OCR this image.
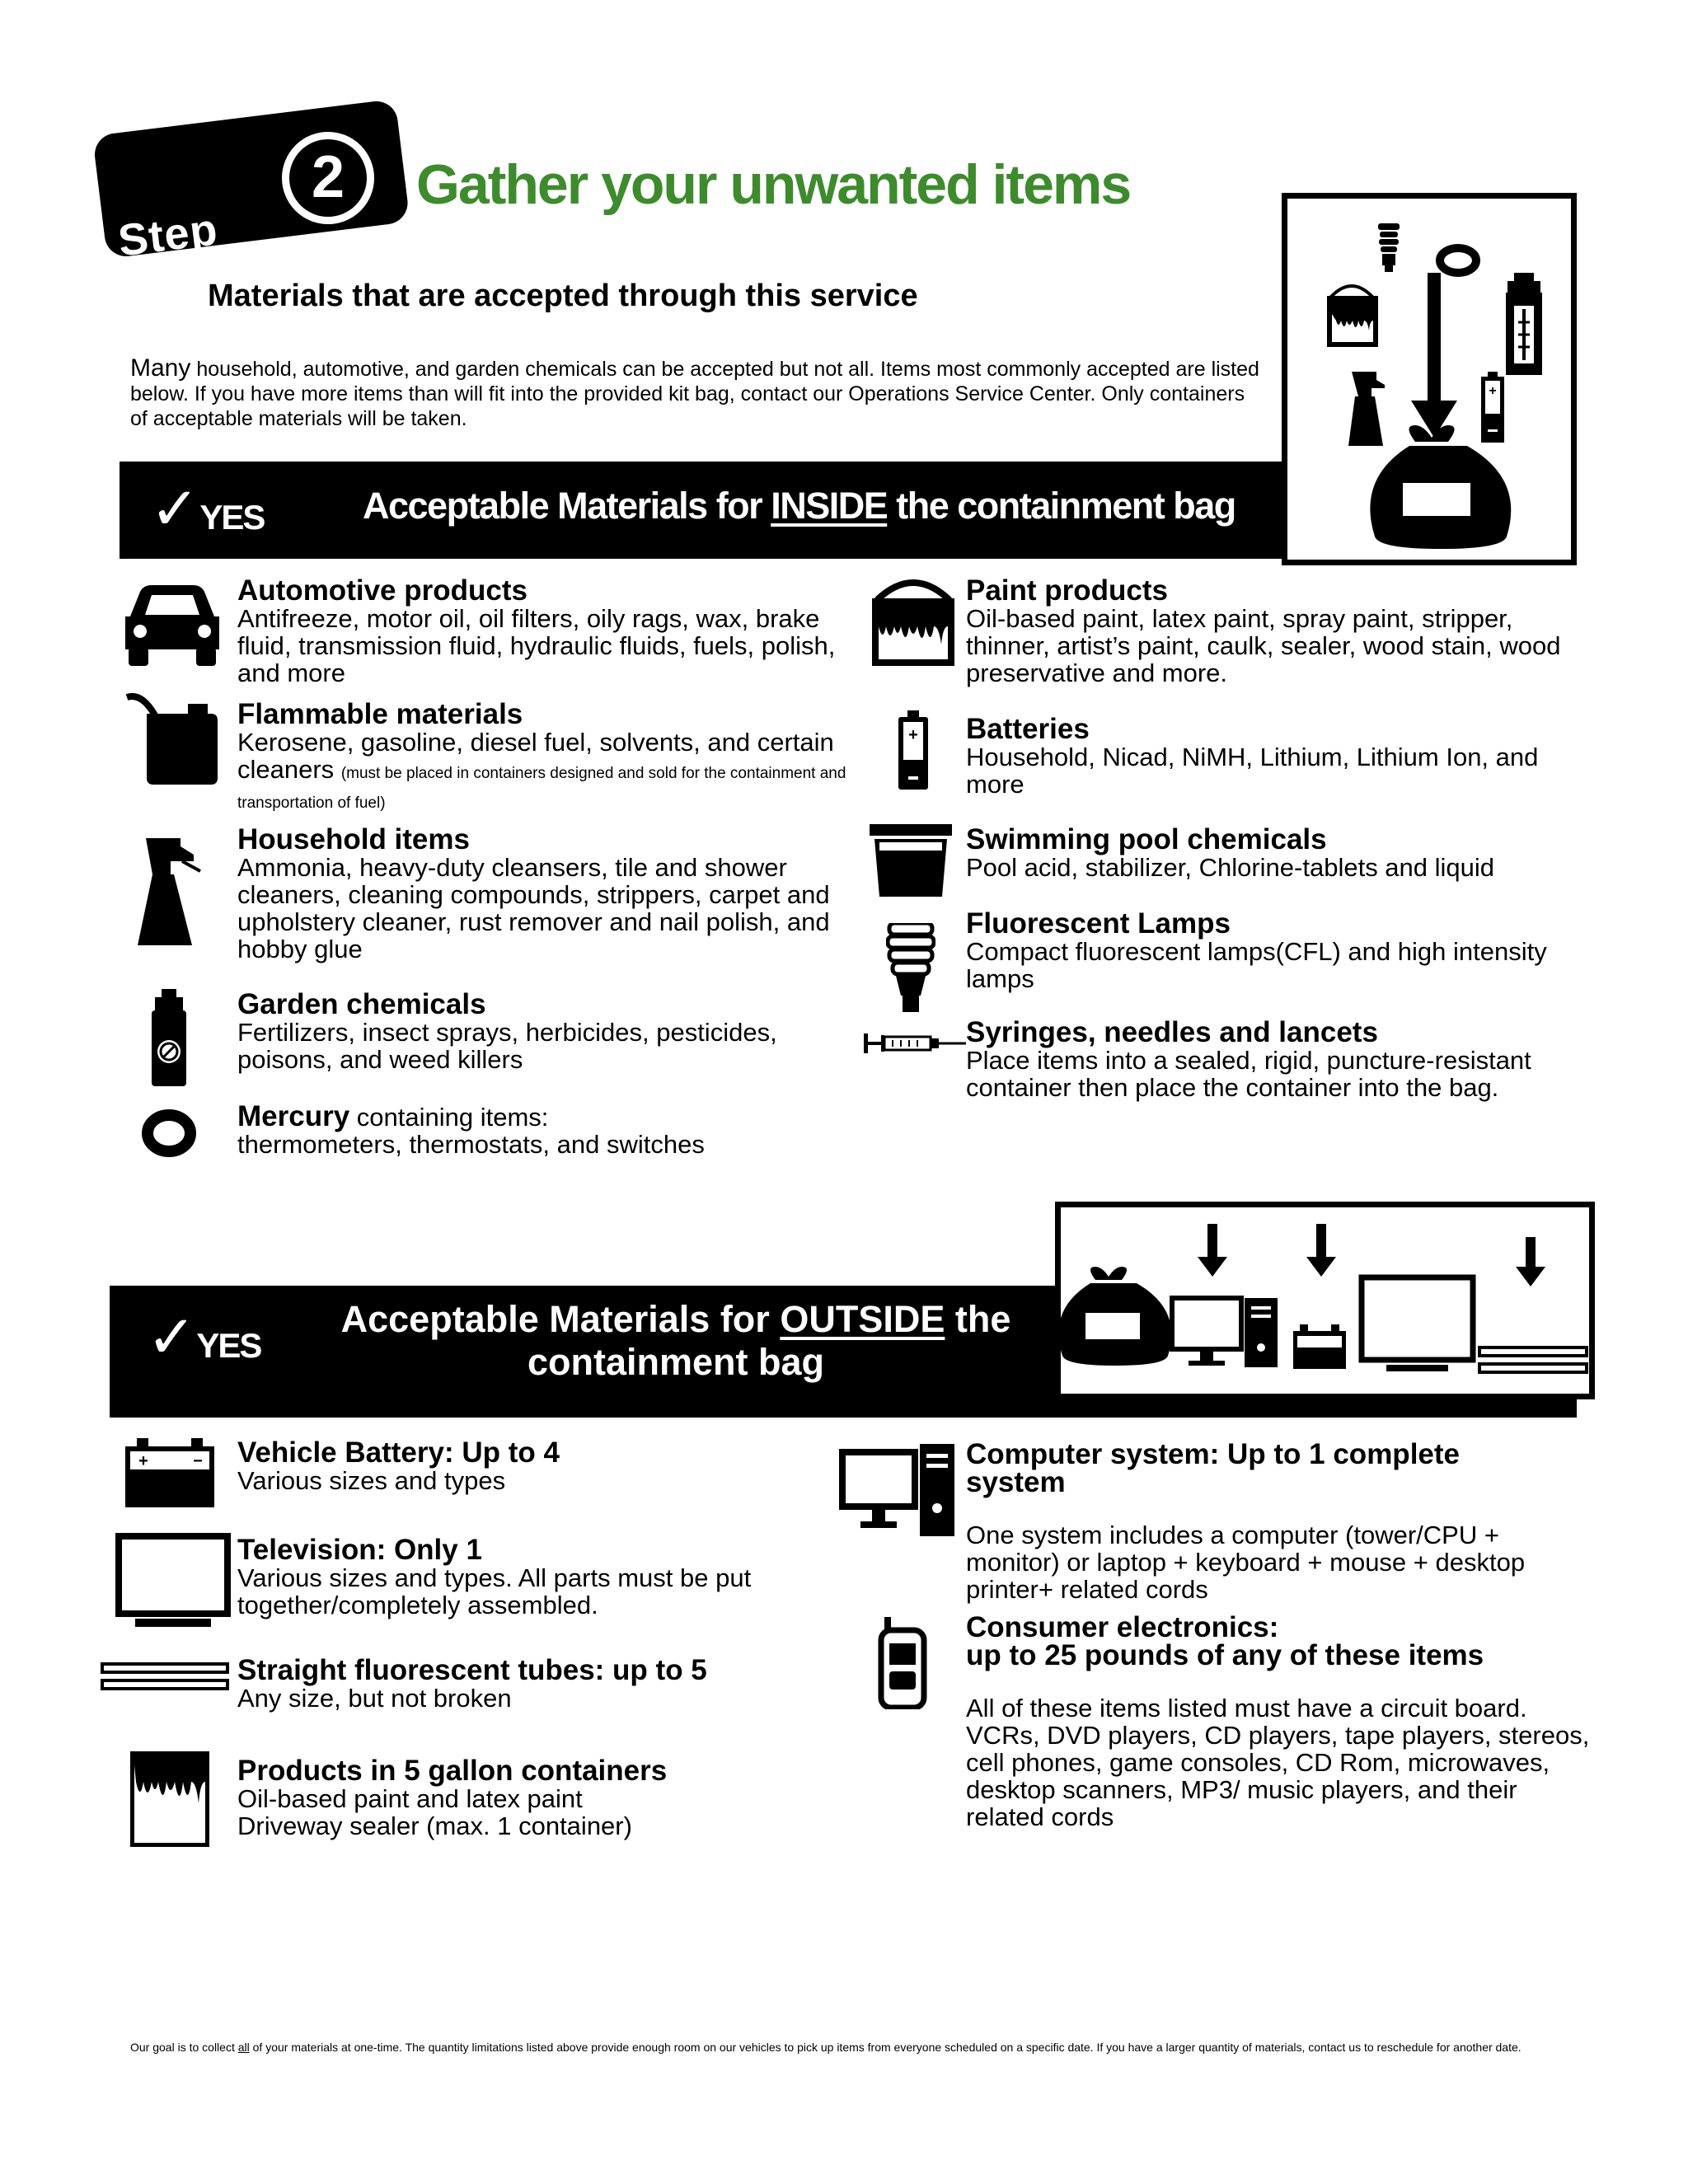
Step
2	Gather your unwanted items
Materials that are accepted through this service
Many household, automotive, and garden chemicals can be accepted but not all. Items most commonly accepted are listed below. If you have more items than will fit into the provided kit bag, contact our Operations Service Center. Only containers of acceptable materials will be taken.
+
✓YES	Acceptable Materials for INSIDE the containment bag
Automotive products
Antifreeze, motor oil, oil filters, oily rags, wax, brake fluid, transmission fluid, hydraulic fluids, fuels, polish, and more
Flammable materials
Kerosene, gasoline, diesel fuel, solvents, and certain cleaners (must be placed in containers designed and sold for the containment and transportation of fuel)
Household items
Ammonia, heavy-duty cleansers, tile and shower cleaners, cleaning compounds, strippers, carpet and upholstery cleaner, rust remover and nail polish, and hobby glue
Garden chemicals
Fertilizers, insect sprays, herbicides, pesticides, poisons, and weed killers
Mercury containing items:
thermometers, thermostats, and switches
Paint products
Oil-based paint, latex paint, spray paint, stripper, thinner, artist’s paint, caulk, sealer, wood stain, wood preservative and more.
+ Batteries
Household, Nicad, NiMH, Lithium, Lithium Ion, and more
Swimming pool chemicals
Pool acid, stabilizer, Chlorine-tablets and liquid
Fluorescent Lamps
Compact fluorescent lamps(CFL) and high intensity lamps
Syringes, needles and lancets
Place items into a sealed, rigid, puncture-resistant container then place the container into the bag.
✓YES
Acceptable Materials for OUTSIDE the containment bag
+	− Vehicle Battery: Up to 4
Various sizes and types
Television: Only 1
Various sizes and types. All parts must be put together/completely assembled.
Straight fluorescent tubes: up to 5
Any size, but not broken
Products in 5 gallon containers
Oil-based paint and latex paint
Driveway sealer (max. 1 container)
Computer system: Up to 1 complete system
One system includes a computer (tower/CPU + monitor) or laptop + keyboard + mouse + desktop printer+ related cords
Consumer electronics:
up to 25 pounds of any of these items
All of these items listed must have a circuit board. VCRs, DVD players, CD players, tape players, stereos, cell phones, game consoles, CD Rom, microwaves, desktop scanners, MP3/ music players, and their related cords
Our goal is to collect all of your materials at one-time. The quantity limitations listed above provide enough room on our vehicles to pick up items from everyone scheduled on a specific date. If you have a larger quantity of materials, contact us to reschedule for another date.
